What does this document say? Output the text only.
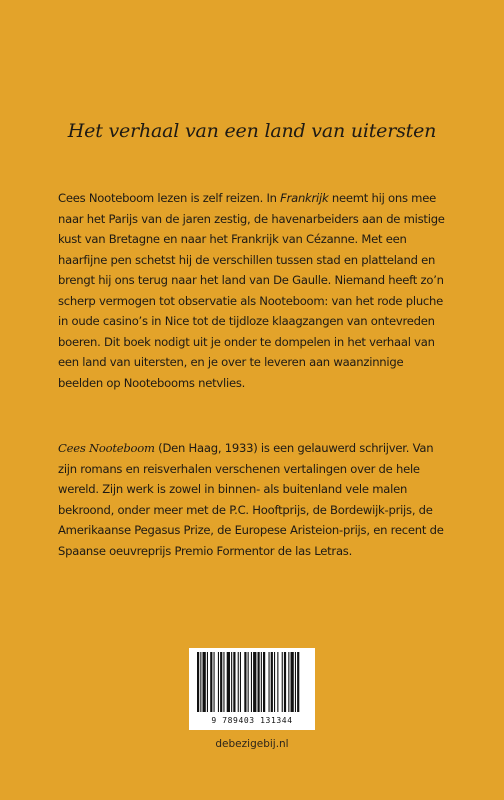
Het verhaal van een land van uitersten

Cees Nooteboom lezen is zelf reizen. In Frankrijk neemt hij ons mee naar het Parijs van de jaren zestig, de havenarbeiders aan de mistige kust van Bretagne en naar het Frankrijk van Cézanne. Met een haarfijne pen schetst hij de verschillen tussen stad en platteland en brengt hij ons terug naar het land van De Gaulle. Niemand heeft zo’n scherp vermogen tot observatie als Nooteboom: van het rode pluche in oude casino’s in Nice tot de tijdloze klaagzangen van ontevreden boeren. Dit boek nodigt uit je onder te dompelen in het verhaal van een land van uitersten, en je over te leveren aan waanzinnige beelden op Nootebooms netvlies.

Cees Nooteboom (Den Haag, 1933) is een gelauwerd schrijver. Van zijn romans en reisverhalen verschenen vertalingen over de hele wereld. Zijn werk is zowel in binnen- als buitenland vele malen bekroond, onder meer met de P.C. Hooftprijs, de Bordewijk-prijs, de Amerikaanse Pegasus Prize, de Europese Aristeion-prijs, en recent de Spaanse oeuvreprijs Premio Formentor de las Letras.

9 789403 131344
debezigebij.nl
